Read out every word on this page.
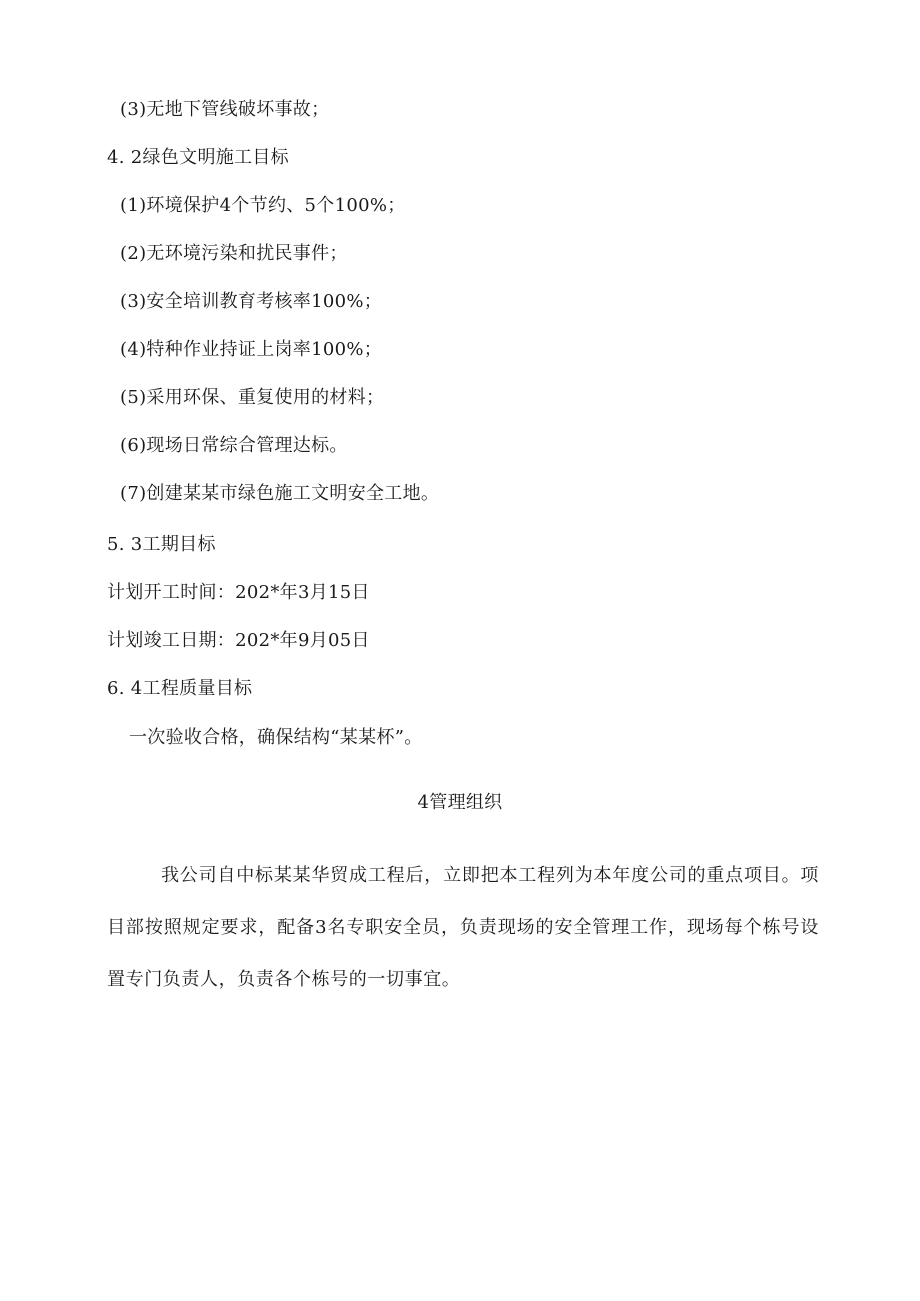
(3)无地下管线破坏事故；
4. 2绿色文明施工目标
(1)环境保护4个节约、5个100%；
(2)无环境污染和扰民事件；
(3)安全培训教育考核率100%；
(4)特种作业持证上岗率100%；
(5)采用环保、重复使用的材料；
(6)现场日常综合管理达标。
(7)创建某某市绿色施工文明安全工地。
5. 3工期目标
计划开工时间：202*年3月15日
计划竣工日期：202*年9月05日
6. 4工程质量目标
一次验收合格，确保结构“某某杯”。
4管理组织
我公司自中标某某华贸成工程后，立即把本工程列为本年度公司的重点项目。项目部按照规定要求，配备3名专职安全员，负责现场的安全管理工作，现场每个栋号设置专门负责人，负责各个栋号的一切事宜。
